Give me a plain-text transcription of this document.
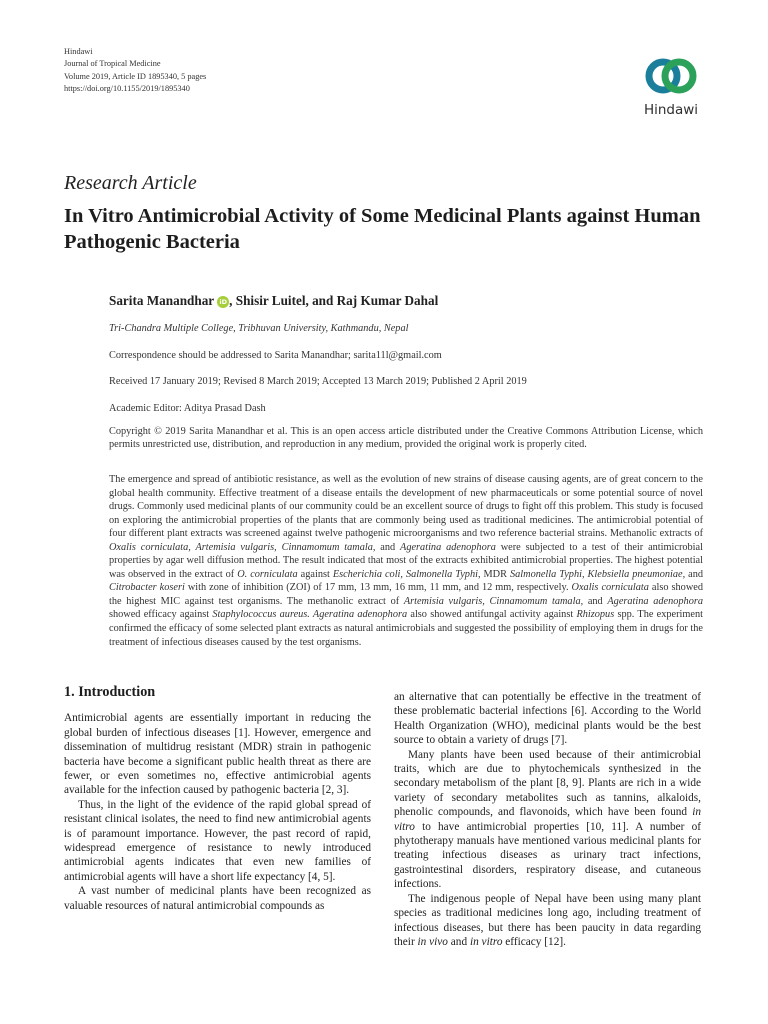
Hindawi
Journal of Tropical Medicine
Volume 2019, Article ID 1895340, 5 pages
https://doi.org/10.1155/2019/1895340
Hindawi
Research Article
In Vitro Antimicrobial Activity of Some Medicinal Plants against Human Pathogenic Bacteria
Sarita Manandhar iD , Shisir Luitel, and Raj Kumar Dahal
Tri-Chandra Multiple College, Tribhuvan University, Kathmandu, Nepal
Correspondence should be addressed to Sarita Manandhar; sarita11l@gmail.com
Received 17 January 2019; Revised 8 March 2019; Accepted 13 March 2019; Published 2 April 2019
Academic Editor: Aditya Prasad Dash
Copyright © 2019 Sarita Manandhar et al. This is an open access article distributed under the Creative Commons Attribution License, which permits unrestricted use, distribution, and reproduction in any medium, provided the original work is properly cited.
The emergence and spread of antibiotic resistance, as well as the evolution of new strains of disease causing agents, are of great concern to the global health community. Effective treatment of a disease entails the development of new pharmaceuticals or some potential source of novel drugs. Commonly used medicinal plants of our community could be an excellent source of drugs to fight off this problem. This study is focused on exploring the antimicrobial properties of the plants that are commonly being used as traditional medicines. The antimicrobial potential of four different plant extracts was screened against twelve pathogenic microorganisms and two reference bacterial strains. Methanolic extracts of Oxalis corniculata, Artemisia vulgaris, Cinnamomum tamala, and Ageratina adenophora were subjected to a test of their antimicrobial properties by agar well diffusion method. The result indicated that most of the extracts exhibited antimicrobial properties. The highest potential was observed in the extract of O. corniculata against Escherichia coli, Salmonella Typhi, MDR Salmonella Typhi, Klebsiella pneumoniae, and Citrobacter koseri with zone of inhibition (ZOI) of 17 mm, 13 mm, 16 mm, 11 mm, and 12 mm, respectively. Oxalis corniculata also showed the highest MIC against test organisms. The methanolic extract of Artemisia vulgaris, Cinnamomum tamala, and Ageratina adenophora showed efficacy against Staphylococcus aureus. Ageratina adenophora also showed antifungal activity against Rhizopus spp. The experiment confirmed the efficacy of some selected plant extracts as natural antimicrobials and suggested the possibility of employing them in drugs for the treatment of infectious diseases caused by the test organisms.
1. Introduction

Antimicrobial agents are essentially important in reducing the global burden of infectious diseases [1]. However, emergence and dissemination of multidrug resistant (MDR) strain in pathogenic bacteria have become a significant public health threat as there are fewer, or even sometimes no, effective antimicrobial agents available for the infection caused by pathogenic bacteria [2, 3].

Thus, in the light of the evidence of the rapid global spread of resistant clinical isolates, the need to find new antimicrobial agents is of paramount importance. However, the past record of rapid, widespread emergence of resistance to newly introduced antimicrobial agents indicates that even new families of antimicrobial agents will have a short life expectancy [4, 5].

A vast number of medicinal plants have been recognized as valuable resources of natural antimicrobial compounds as

an alternative that can potentially be effective in the treatment of these problematic bacterial infections [6]. According to the World Health Organization (WHO), medicinal plants would be the best source to obtain a variety of drugs [7].

Many plants have been used because of their antimicrobial traits, which are due to phytochemicals synthesized in the secondary metabolism of the plant [8, 9]. Plants are rich in a wide variety of secondary metabolites such as tannins, alkaloids, phenolic compounds, and flavonoids, which have been found in vitro to have antimicrobial properties [10, 11]. A number of phytotherapy manuals have mentioned various medicinal plants for treating infectious diseases as urinary tract infections, gastrointestinal disorders, respiratory disease, and cutaneous infections.

The indigenous people of Nepal have been using many plant species as traditional medicines long ago, including treatment of infectious diseases, but there has been paucity in data regarding their in vivo and in vitro efficacy [12].
